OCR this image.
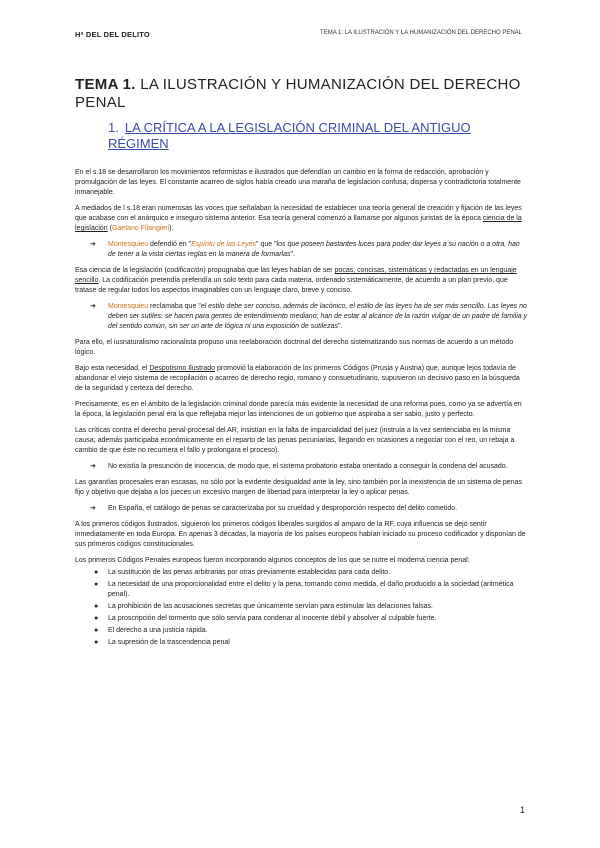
Hª DEL DEL DELITO	TEMA 1: LA ILUSTRACIÓN Y LA HUMANIZACIÓN DEL DERECHO PENAL
TEMA 1. LA ILUSTRACIÓN Y HUMANIZACIÓN DEL DERECHO PENAL
1. LA CRÍTICA A LA LEGISLACIÓN CRIMINAL DEL ANTIGUO RÉGIMEN

En el s.18 se desarrollaron los movimientos reformistas e ilustrados que defendían un cambio en la forma de redacción, aprobación y promulgación de las leyes. El constante acarreo de siglos había creado una maraña de legislación confusa, dispersa y contradictoria totalmente inmanejable.

A mediados de l s.18 eran numerosas las voces que señalaban la necesidad de establecer una teoría general de creación y fijación de las leyes que acabase con el anárquico e inseguro sistema anterior. Esa teoría general comenzó a llamarse por algunos juristas de la época ciencia de la legislación (Gaetano Filangieri).

➔ Montesquieu defendió en "Espíritu de las Leyes" que "los que poseen bastantes luces para poder dar leyes a su nación o a otra, han de tener a la vista ciertas reglas en la manera de formarlas".

Esa ciencia de la legislación (codificación) propugnaba que las leyes habían de ser pocas, concisas, sistemáticas y redactadas en un lenguaje sencillo. La codificación pretendía prefendía un solo texto para cada materia, ordenado sistemáticamente, de acuerdo a un plan previo, que tratase de regular todos los aspectos imaginables con un lenguaje claro, breve y conciso.

➔ Montesquieu reclamaba que "el estilo debe ser conciso, además de lacónico, el estilo de las leyes ha de ser más sencillo. Las leyes no deben ser sutiles: se hacen para gentes de entendimiento mediano; han de estar al alcance de la razón vulgar de un padre de familia y del sentido común, sin ser un arte de lógica ni una exposición de sutilezas".

Para ello, el iusnaturalismo racionalista propuso una reelaboración doctrinal del derecho sistematizando sus normas de acuerdo a un método lógico.

Bajo esta necesidad, el Despotismo Ilustrado promovió la elaboración de los primeros Códigos (Prusia y Austria) que, aunque lejos todavía de abandonar el viejo sistema de recopilación o acarreo de derecho regio, romano y consuetudinario, supusieron un decisivo paso en la búsqueda de la seguridad y certeza del derecho.

Precisamente, es en el ámbito de la legislación criminal donde parecía más evidente la necesidad de una reforma pues, como ya se advertía en la época, la legislación penal era la que reflejaba mejor las intenciones de un gobierno que aspiraba a ser sabio, justo y perfecto.

Las críticas contra el derecho penal-procesal del AR, insistían en la falta de imparcialidad del juez (instruía a la vez sentenciaba en la misma causa; además participaba económicamente en el reparto de las penas pecuniarias, llegando en ocasiones a negociar con el reo, un rebaja a cambio de que éste no recurriera el fallo y prolongara el proceso).

➔ No existía la presunción de inocencia, de modo que, el sistema probatorio estaba orientado a conseguir la condena del acusado.

Las garantías procesales eran escasas, no sólo por la evidente desigualdad ante la ley, sino también por la inexistencia de un sistema de penas fijo y objetivo que dejaba a los jueces un excesivo margen de libertad para interpretar la ley o aplicar penas.

➔ En España, el catálogo de penas se caracterizaba por su crueldad y desproporción respecto del delito cometido.

A los primeros códigos ilustrados, siguieron los primeros códigos liberales surgidos al amparo de la RF, cuya influencia se dejó sentir inmediatamente en toda Europa. En apenas 3 décadas, la mayoría de los países europeos habían iniciado su proceso codificador y disponían de sus primeros códigos constitucionales.

Los primeros Códigos Penales europeos fueron incorporando algunos conceptos de los que se nutre el moderna ciencia penal:

● La sustitución de las penas arbitrarias por otras previamente establecidas para cada delito.
● La necesidad de una proporcionalidad entre el delito y la pena, tomando como medida, el daño producido a la sociedad (aritmética penal).
● La prohibición de las acusaciones secretas que únicamente servían para estimular las delaciones falsas.
● La proscripción del tormento que sólo servía para condenar al inocente débil y absolver al culpable fuerte.
● El derecho a una justicia rápida.
● La supresión de la trascendencia penal
1
